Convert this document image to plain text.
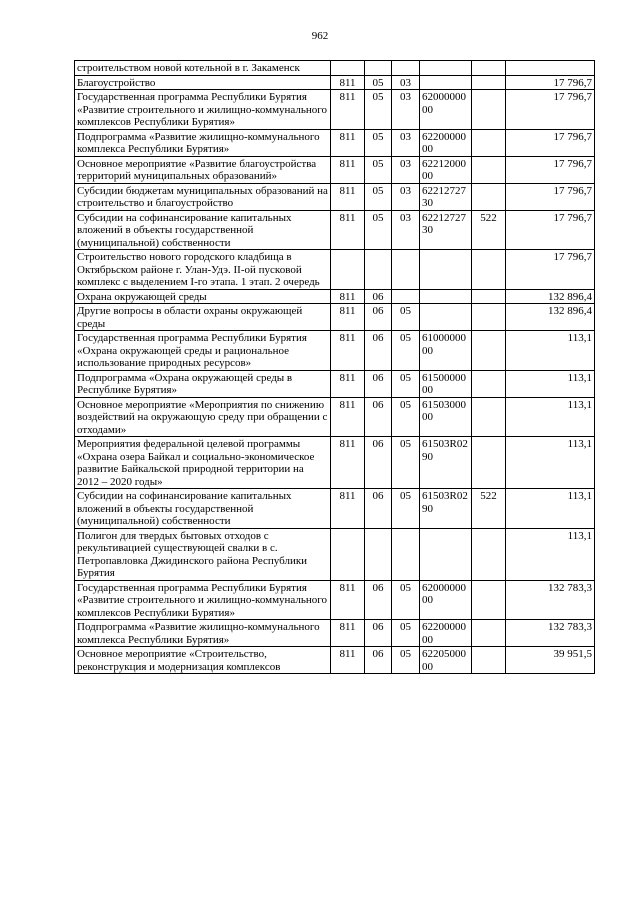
962
строительством новой котельной в г. Закаменск						
Благоустройство	811	05	03			17 796,7
Государственная программа Республики Бурятия «Развитие строительного и жилищно-коммунального комплексов Республики Бурятия»	811	05	03	6200000000		17 796,7
Подпрограмма «Развитие жилищно-коммунального комплекса Республики Бурятия»	811	05	03	6220000000		17 796,7
Основное мероприятие «Развитие благоустройства территорий муниципальных образований»	811	05	03	6221200000		17 796,7
Субсидии бюджетам муниципальных образований на строительство и благоустройство	811	05	03	6221272730		17 796,7
Субсидии на софинансирование капитальных вложений в объекты государственной (муниципальной) собственности	811	05	03	6221272730	522	17 796,7
Строительство нового городского кладбища в Октябрьском районе г. Улан-Удэ. II-ой пусковой комплекс с выделением I-го этапа. 1 этап. 2 очередь						17 796,7
Охрана окружающей среды	811	06				132 896,4
Другие вопросы в области охраны окружающей среды	811	06	05			132 896,4
Государственная программа Республики Бурятия «Охрана окружающей среды и рациональное использование природных ресурсов»	811	06	05	6100000000		113,1
Подпрограмма «Охрана окружающей среды в Республике Бурятия»	811	06	05	6150000000		113,1
Основное мероприятие «Мероприятия по снижению воздействий на окружающую среду при обращении с отходами»	811	06	05	6150300000		113,1
Мероприятия федеральной целевой программы «Охрана озера Байкал и социально-экономическое развитие Байкальской природной территории на 2012 – 2020 годы»	811	06	05	61503R0290		113,1
Субсидии на софинансирование капитальных вложений в объекты государственной (муниципальной) собственности	811	06	05	61503R0290	522	113,1
Полигон для твердых бытовых отходов с рекультивацией существующей свалки в с. Петропавловка Джидинского района Республики Бурятия						113,1
Государственная программа Республики Бурятия «Развитие строительного и жилищно-коммунального комплексов Республики Бурятия»	811	06	05	6200000000		132 783,3
Подпрограмма «Развитие жилищно-коммунального комплекса Республики Бурятия»	811	06	05	6220000000		132 783,3
Основное мероприятие «Строительство, реконструкция и модернизация комплексов	811	06	05	6220500000		39 951,5
